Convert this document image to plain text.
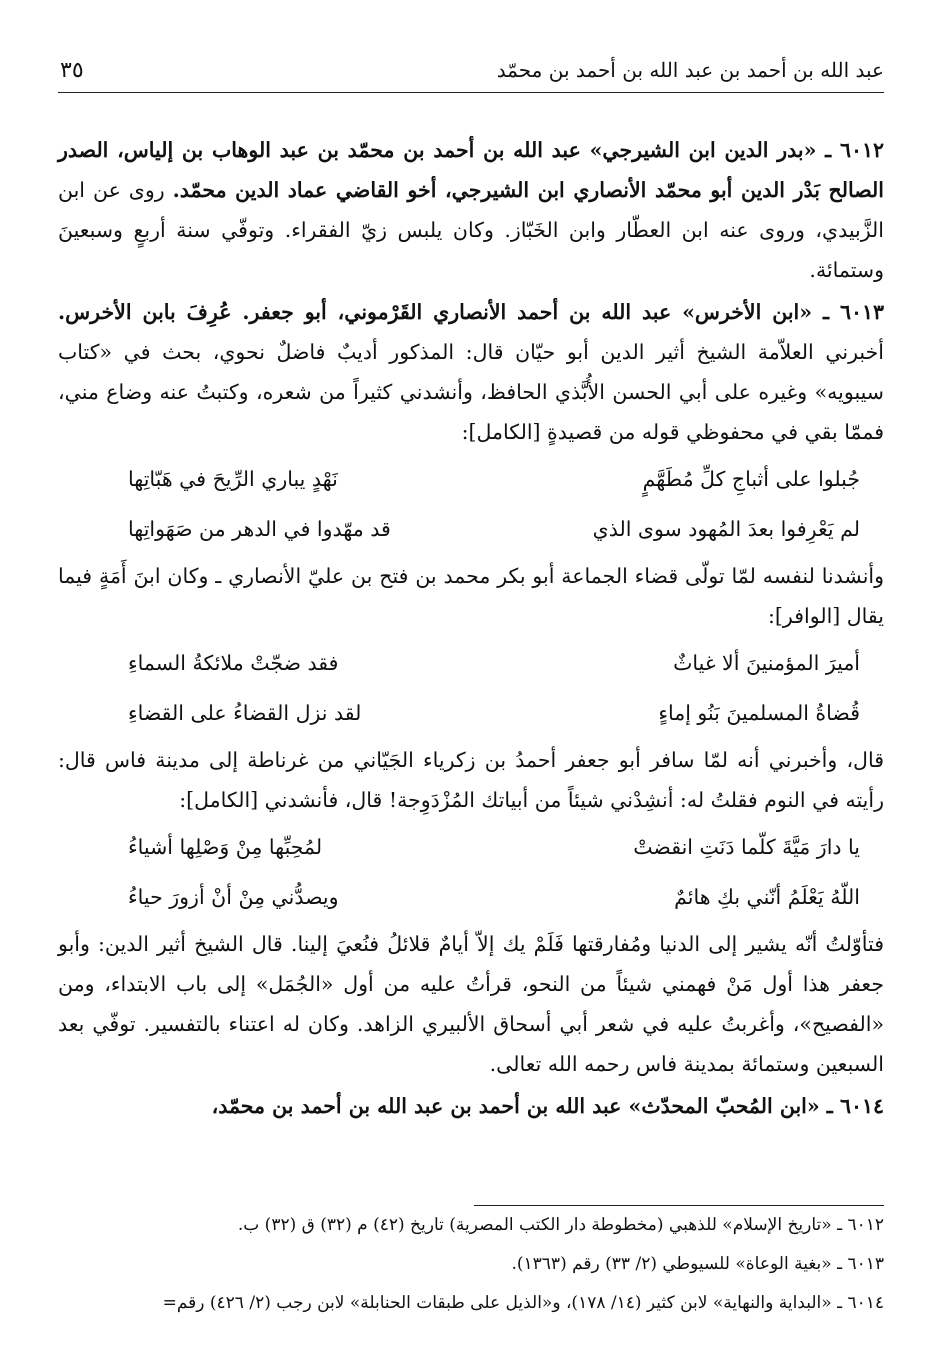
عبد الله بن أحمد بن عبد الله بن أحمد بن محمّد
٣٥

٦٠١٢ ـ «بدر الدين ابن الشيرجي» عبد الله بن أحمد بن محمّد بن عبد الوهاب بن إلياس، الصدر الصالح بَدْر الدين أبو محمّد الأنصاري ابن الشيرجي، أخو القاضي عماد الدين محمّد. روى عن ابن الزَّبيدي، وروى عنه ابن العطّار وابن الخَبّاز. وكان يلبس زيّ الفقراء. وتوفّي سنة أربعٍ وسبعينَ وستمائة.

٦٠١٣ ـ «ابن الأخرس» عبد الله بن أحمد الأنصاري القَرْموني، أبو جعفر. عُرِفَ بابن الأخرس. أخبرني العلاّمة الشيخ أثير الدين أبو حيّان قال: المذكور أديبٌ فاضلٌ نحوي، بحث في «كتاب سيبويه» وغيره على أبي الحسن الأُبَّذي الحافظ، وأنشدني كثيراً من شعره، وكتبتُ عنه وضاع مني، فممّا بقي في محفوظي قوله من قصيدةٍ [الكامل]:

جُبلوا على أثباجِ كلِّ مُطَهَّمٍ
نَهْدٍ يباري الرِّيحَ في هَبّاتِها
لم يَعْرِفوا بعدَ المُهود سوى الذي
قد مهّدوا في الدهر من صَهَواتِها

وأنشدنا لنفسه لمّا تولّى قضاء الجماعة أبو بكر محمد بن فتح بن عليّ الأنصاري ـ وكان ابنَ أَمَةٍ فيما يقال [الوافر]:

أميرَ المؤمنينَ ألا غياثٌ
فقد ضجّتْ ملائكةُ السماءِ
قُضاةُ المسلمينَ بَنُو إماءٍ
لقد نزل القضاءُ على القضاءِ

قال، وأخبرني أنه لمّا سافر أبو جعفر أحمدُ بن زكرياء الجَيّاني من غرناطة إلى مدينة فاس قال: رأيته في النوم فقلتُ له: أنشِدْني شيئاً من أبياتك المُزْدَوِجة! قال، فأنشدني [الكامل]:

يا دارَ مَيَّةَ كلّما دَنَتِ انقضتْ
لمُحِبِّها مِنْ وَصْلِها أشياءُ
اللّهُ يَعْلَمُ أنّني بكِ هائمٌ
ويصدُّني مِنْ أنْ أزورَ حياءُ

فتأوّلتُ أنّه يشير إلى الدنيا ومُفارقتها فَلَمْ يك إلاّ أيامٌ قلائلُ فنُعيَ إلينا. قال الشيخ أثير الدين: وأبو جعفر هذا أول مَنْ فهمني شيئاً من النحو، قرأتُ عليه من أول «الجُمَل» إلى باب الابتداء، ومن «الفصيح»، وأغربتُ عليه في شعر أبي أسحاق الألبيري الزاهد. وكان له اعتناء بالتفسير. توفّي بعد السبعين وستمائة بمدينة فاس رحمه الله تعالى.

٦٠١٤ ـ «ابن المُحبّ المحدّث» عبد الله بن أحمد بن عبد الله بن أحمد بن محمّد،

٦٠١٢ ـ «تاريخ الإسلام» للذهبي (مخطوطة دار الكتب المصرية) تاريخ (٤٢) م (٣٢) ق (٣٢) ب.
٦٠١٣ ـ «بغية الوعاة» للسيوطي (٢/ ٣٣) رقم (١٣٦٣).
٦٠١٤ ـ «البداية والنهاية» لابن كثير (١٤/ ١٧٨)، و«الذيل على طبقات الحنابلة» لابن رجب (٢/ ٤٢٦) رقم=
